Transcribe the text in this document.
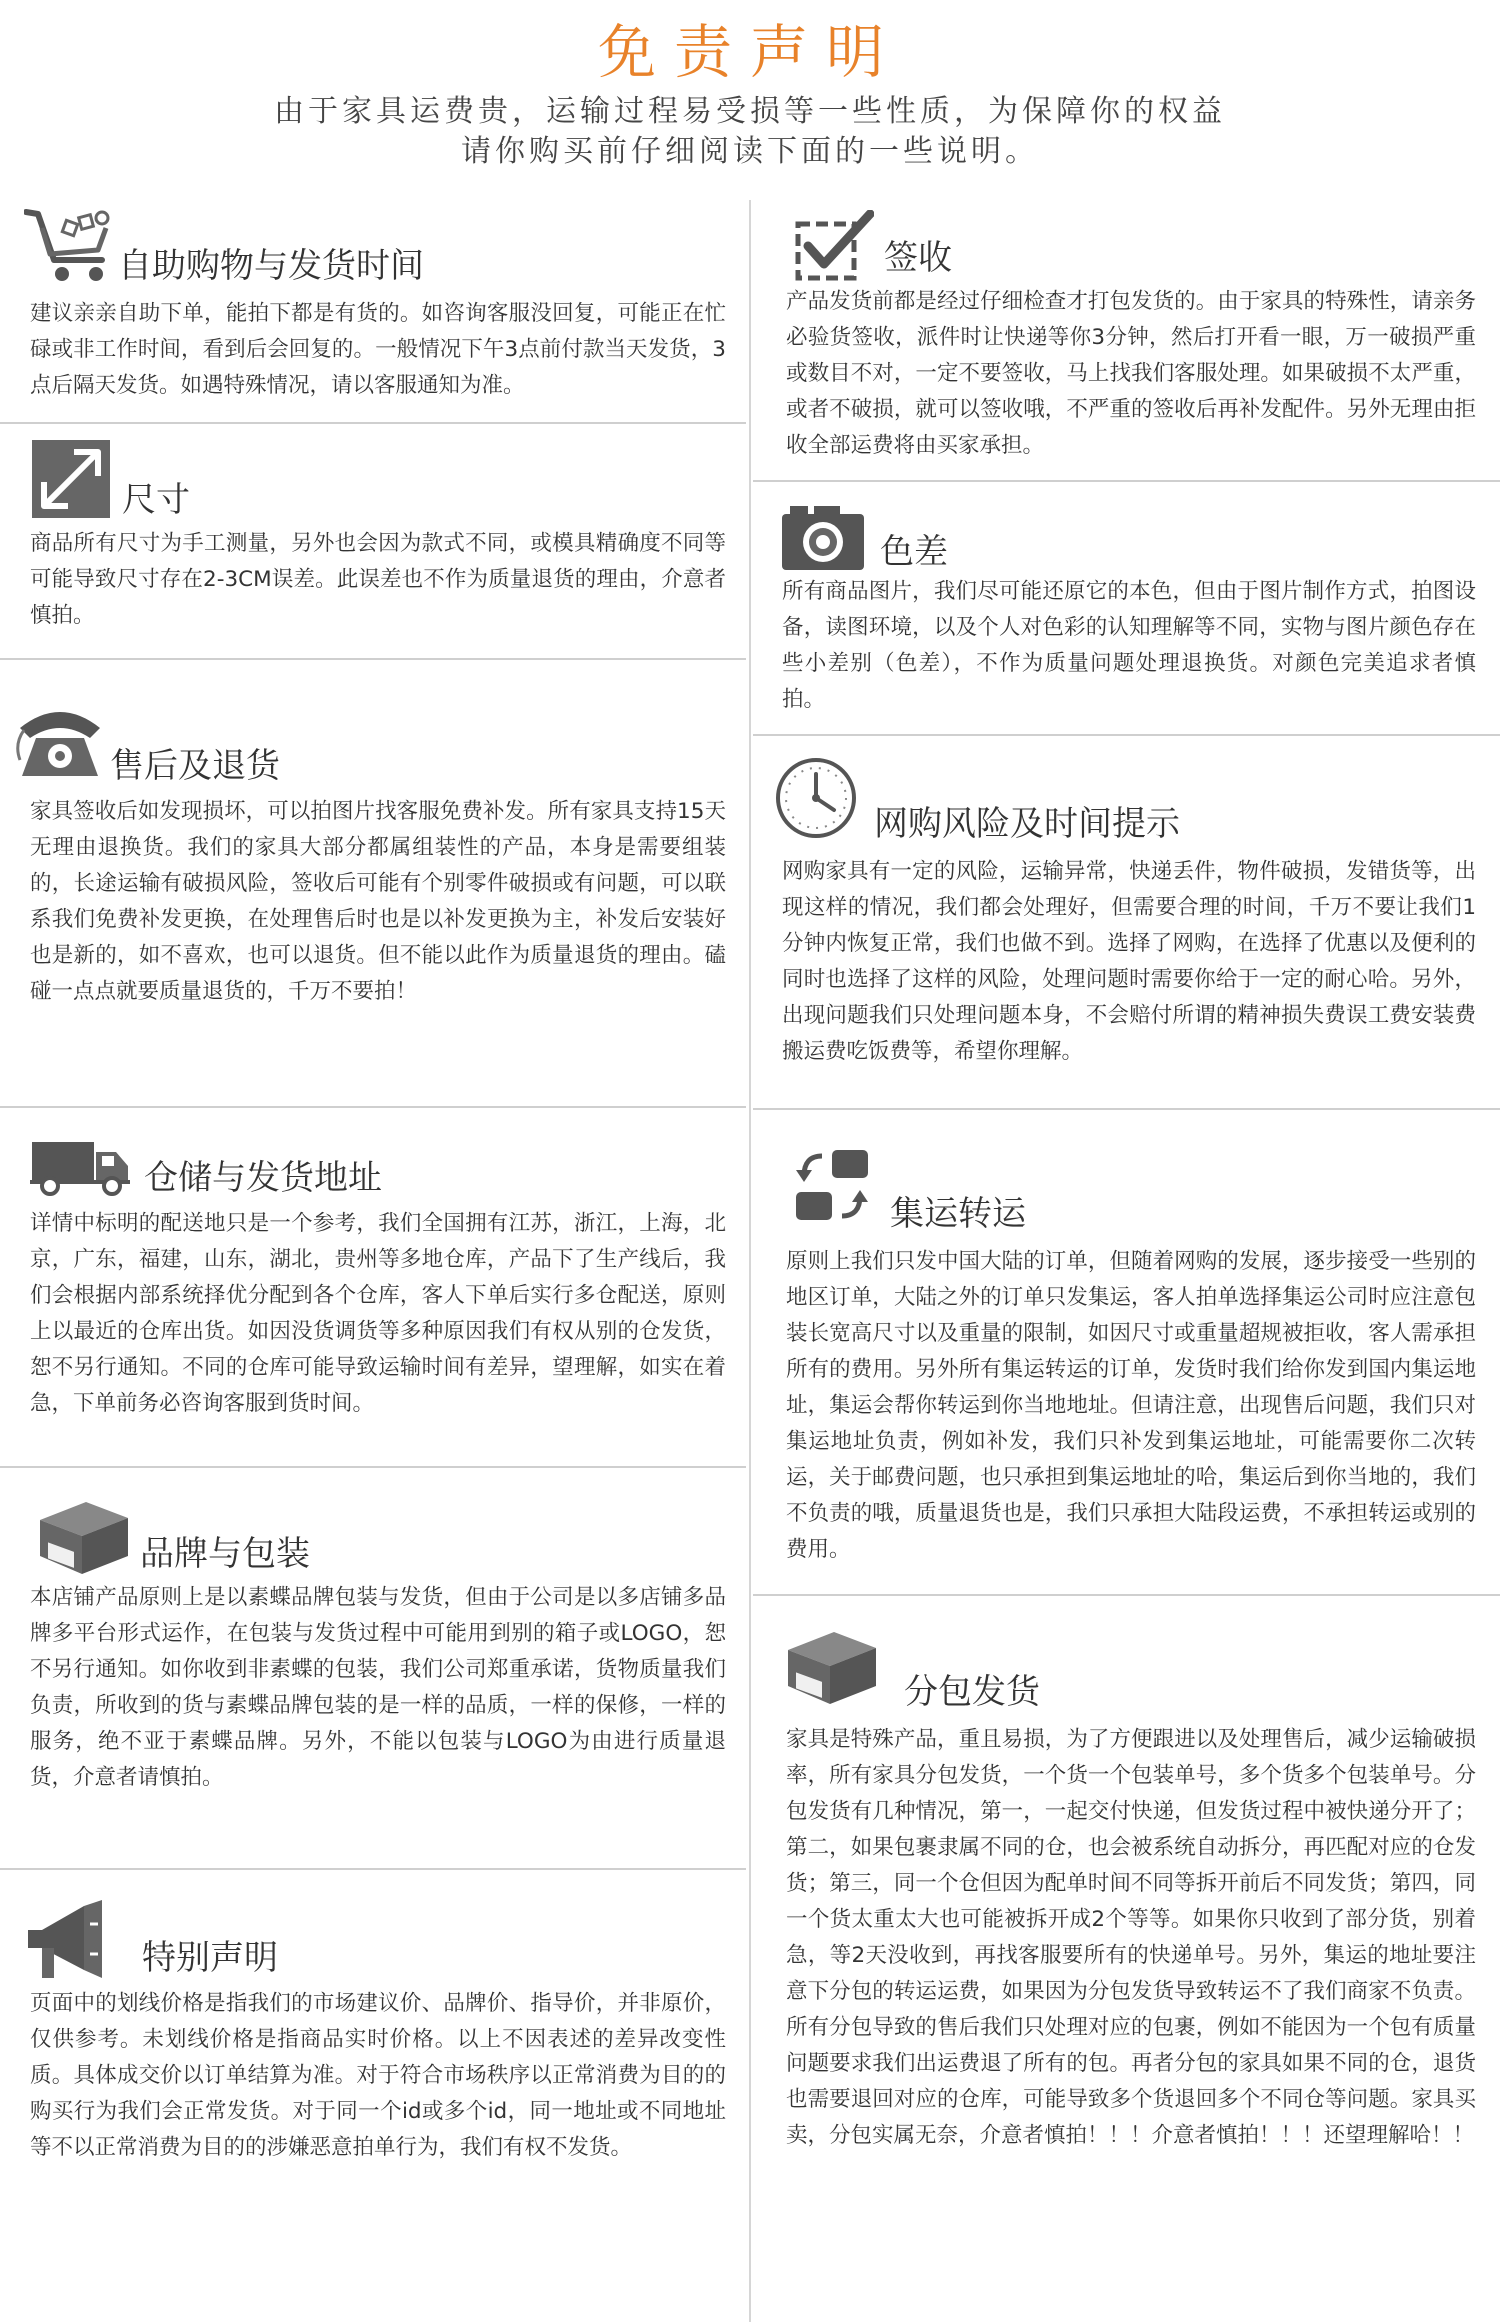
免责声明
由于家具运费贵，运输过程易受损等一些性质，为保障你的权益
请你购买前仔细阅读下面的一些说明。
自助购物与发货时间
建议亲亲自助下单，能拍下都是有货的。如咨询客服没回复，可能正在忙碌或非工作时间，看到后会回复的。一般情况下午3点前付款当天发货，3点后隔天发货。如遇特殊情况，请以客服通知为准。
尺寸
商品所有尺寸为手工测量，另外也会因为款式不同，或模具精确度不同等可能导致尺寸存在2-3CM误差。此误差也不作为质量退货的理由，介意者慎拍。
售后及退货
家具签收后如发现损坏，可以拍图片找客服免费补发。所有家具支持15天无理由退换货。我们的家具大部分都属组装性的产品，本身是需要组装的，长途运输有破损风险，签收后可能有个别零件破损或有问题，可以联系我们免费补发更换，在处理售后时也是以补发更换为主，补发后安装好也是新的，如不喜欢，也可以退货。但不能以此作为质量退货的理由。磕碰一点点就要质量退货的，千万不要拍！
仓储与发货地址
详情中标明的配送地只是一个参考，我们全国拥有江苏，浙江，上海，北京，广东，福建，山东，湖北，贵州等多地仓库，产品下了生产线后，我们会根据内部系统择优分配到各个仓库，客人下单后实行多仓配送，原则上以最近的仓库出货。如因没货调货等多种原因我们有权从别的仓发货，恕不另行通知。不同的仓库可能导致运输时间有差异，望理解，如实在着急，下单前务必咨询客服到货时间。
品牌与包装
本店铺产品原则上是以素蝶品牌包装与发货，但由于公司是以多店铺多品牌多平台形式运作，在包装与发货过程中可能用到别的箱子或LOGO，恕不另行通知。如你收到非素蝶的包装，我们公司郑重承诺，货物质量我们负责，所收到的货与素蝶品牌包装的是一样的品质，一样的保修，一样的服务，绝不亚于素蝶品牌。另外，不能以包装与LOGO为由进行质量退货，介意者请慎拍。
特别声明
页面中的划线价格是指我们的市场建议价、品牌价、指导价，并非原价，仅供参考。未划线价格是指商品实时价格。以上不因表述的差异改变性质。具体成交价以订单结算为准。对于符合市场秩序以正常消费为目的的购买行为我们会正常发货。对于同一个id或多个id，同一地址或不同地址等不以正常消费为目的的涉嫌恶意拍单行为，我们有权不发货。
签收
产品发货前都是经过仔细检查才打包发货的。由于家具的特殊性，请亲务必验货签收，派件时让快递等你3分钟，然后打开看一眼，万一破损严重或数目不对，一定不要签收，马上找我们客服处理。如果破损不太严重，或者不破损，就可以签收哦，不严重的签收后再补发配件。另外无理由拒收全部运费将由买家承担。
色差
所有商品图片，我们尽可能还原它的本色，但由于图片制作方式，拍图设备，读图环境，以及个人对色彩的认知理解等不同，实物与图片颜色存在些小差别（色差），不作为质量问题处理退换货。对颜色完美追求者慎拍。
网购风险及时间提示
网购家具有一定的风险，运输异常，快递丢件，物件破损，发错货等，出现这样的情况，我们都会处理好，但需要合理的时间，千万不要让我们1分钟内恢复正常，我们也做不到。选择了网购，在选择了优惠以及便利的同时也选择了这样的风险，处理问题时需要你给于一定的耐心哈。另外，出现问题我们只处理问题本身，不会赔付所谓的精神损失费误工费安装费搬运费吃饭费等，希望你理解。
集运转运
原则上我们只发中国大陆的订单，但随着网购的发展，逐步接受一些别的地区订单，大陆之外的订单只发集运，客人拍单选择集运公司时应注意包装长宽高尺寸以及重量的限制，如因尺寸或重量超规被拒收，客人需承担所有的费用。另外所有集运转运的订单，发货时我们给你发到国内集运地址，集运会帮你转运到你当地地址。但请注意，出现售后问题，我们只对集运地址负责，例如补发，我们只补发到集运地址，可能需要你二次转运，关于邮费问题，也只承担到集运地址的哈，集运后到你当地的，我们不负责的哦，质量退货也是，我们只承担大陆段运费，不承担转运或别的费用。
分包发货
家具是特殊产品，重且易损，为了方便跟进以及处理售后，减少运输破损率，所有家具分包发货，一个货一个包装单号，多个货多个包装单号。分包发货有几种情况，第一，一起交付快递，但发货过程中被快递分开了；第二，如果包裹隶属不同的仓，也会被系统自动拆分，再匹配对应的仓发货；第三，同一个仓但因为配单时间不同等拆开前后不同发货；第四，同一个货太重太大也可能被拆开成2个等等。如果你只收到了部分货，别着急，等2天没收到，再找客服要所有的快递单号。另外，集运的地址要注意下分包的转运运费，如果因为分包发货导致转运不了我们商家不负责。所有分包导致的售后我们只处理对应的包裹，例如不能因为一个包有质量问题要求我们出运费退了所有的包。再者分包的家具如果不同的仓，退货也需要退回对应的仓库，可能导致多个货退回多个不同仓等问题。家具买卖，分包实属无奈，介意者慎拍！！！介意者慎拍！！！还望理解哈！！
